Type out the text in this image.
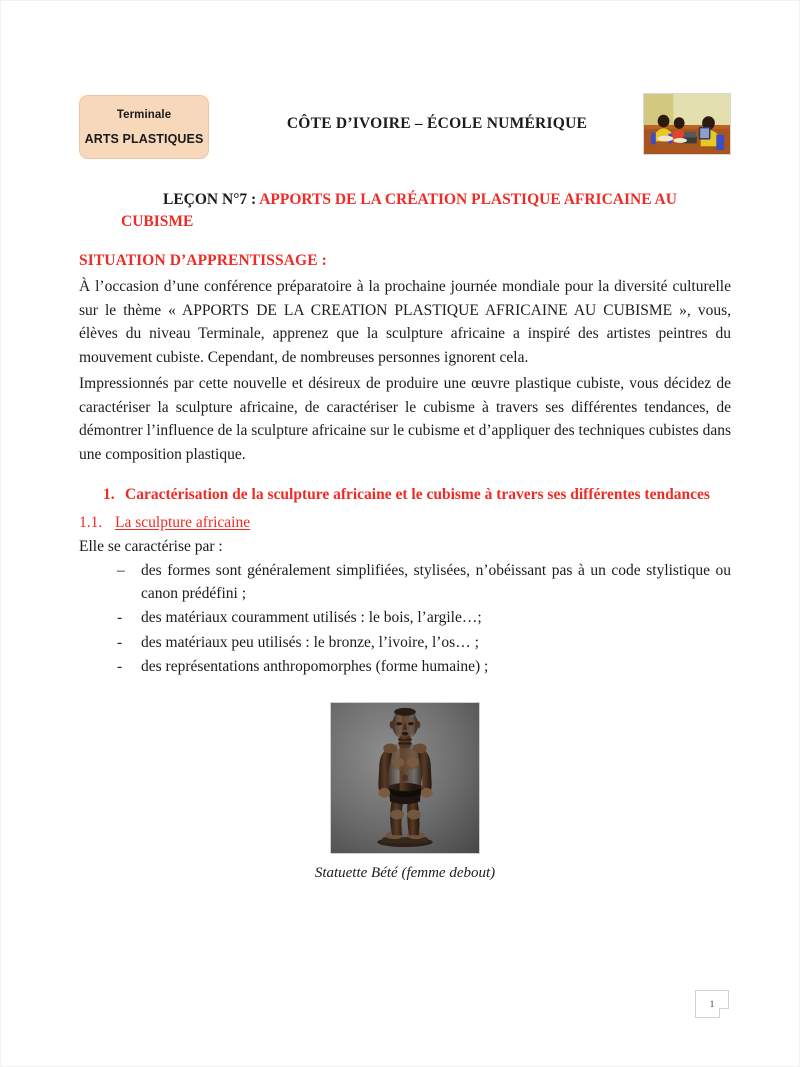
Terminale
ARTS PLASTIQUES
CÔTE D’IVOIRE – ÉCOLE NUMÉRIQUE
LEÇON N°7 : APPORTS DE LA CRÉATION PLASTIQUE AFRICAINE AU CUBISME
SITUATION D’APPRENTISSAGE :

À l’occasion d’une conférence préparatoire à la prochaine journée mondiale pour la diversité culturelle sur le thème « APPORTS DE LA CREATION PLASTIQUE AFRICAINE AU CUBISME », vous, élèves du niveau Terminale, apprenez que la sculpture africaine a inspiré des artistes peintres du mouvement cubiste. Cependant, de nombreuses personnes ignorent cela.

Impressionnés par cette nouvelle et désireux de produire une œuvre plastique cubiste, vous décidez de caractériser la sculpture africaine, de caractériser le cubisme à travers ses différentes tendances, de démontrer l’influence de la sculpture africaine sur le cubisme et d’appliquer des techniques cubistes dans une composition plastique.

1. Caractérisation de la sculpture africaine et le cubisme à travers ses différentes tendances
1.1. La sculpture africaine
Elle se caractérise par :
– des formes sont généralement simplifiées, stylisées, n’obéissant pas à un code stylistique ou canon prédéfini ;
- des matériaux couramment utilisés : le bois, l’argile…;
- des matériaux peu utilisés : le bronze, l’ivoire, l’os… ;
- des représentations anthropomorphes (forme humaine) ;
Statuette Bété (femme debout)
1
